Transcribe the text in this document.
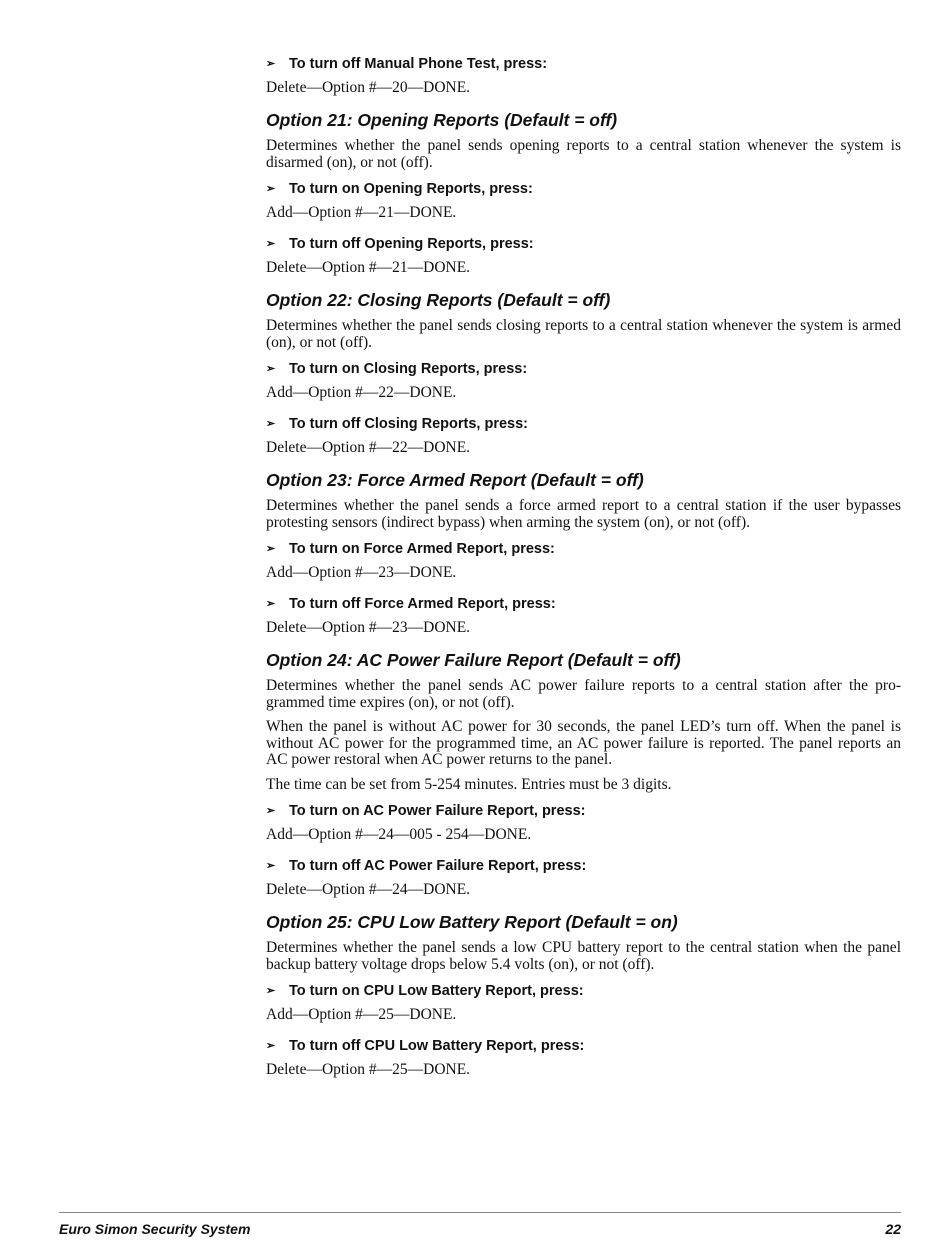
➢ To turn off Manual Phone Test, press:

Delete—Option #—20—DONE.

Option 21: Opening Reports (Default = off)

Determines whether the panel sends opening reports to a central station whenever the system is disarmed (on), or not (off).

➢ To turn on Opening Reports, press:

Add—Option #—21—DONE.

➢ To turn off Opening Reports, press:

Delete—Option #—21—DONE.

Option 22: Closing Reports (Default = off)

Determines whether the panel sends closing reports to a central station whenever the system is armed (on), or not (off).

➢ To turn on Closing Reports, press:

Add—Option #—22—DONE.

➢ To turn off Closing Reports, press:

Delete—Option #—22—DONE.

Option 23: Force Armed Report (Default = off)

Determines whether the panel sends a force armed report to a central station if the user bypasses protesting sensors (indirect bypass) when arming the system (on), or not (off).

➢ To turn on Force Armed Report, press:

Add—Option #—23—DONE.

➢ To turn off Force Armed Report, press:

Delete—Option #—23—DONE.

Option 24: AC Power Failure Report (Default = off)

Determines whether the panel sends AC power failure reports to a central station after the pro-grammed time expires (on), or not (off).

When the panel is without AC power for 30 seconds, the panel LED’s turn off. When the panel is without AC power for the programmed time, an AC power failure is reported. The panel reports an AC power restoral when AC power returns to the panel.

The time can be set from 5-254 minutes. Entries must be 3 digits.

➢ To turn on AC Power Failure Report, press:

Add—Option #—24—005 - 254—DONE.

➢ To turn off AC Power Failure Report, press:

Delete—Option #—24—DONE.

Option 25: CPU Low Battery Report (Default = on)

Determines whether the panel sends a low CPU battery report to the central station when the panel backup battery voltage drops below 5.4 volts (on), or not (off).

➢ To turn on CPU Low Battery Report, press:

Add—Option #—25—DONE.

➢ To turn off CPU Low Battery Report, press:

Delete—Option #—25—DONE.

Euro Simon Security System	22
